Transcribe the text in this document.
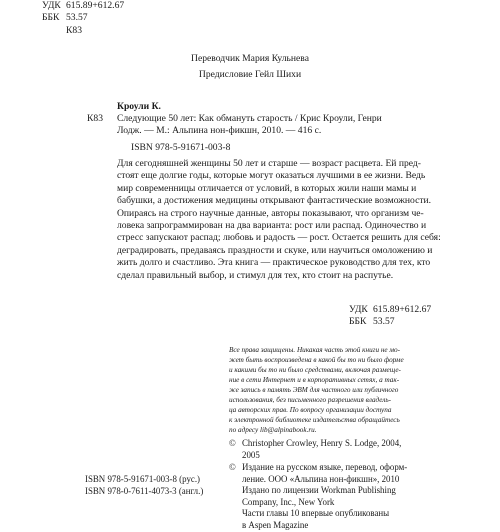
УДК 615.89+612.67
ББК 53.57
К83
Переводчик Мария Кульнева
Предисловие Гейл Шихи
Кроули К.
К83 Следующие 50 лет: Как обмануть старость / Крис Кроули, Генри
Лодж. — М.: Альпина нон-фикшн, 2010. — 416 с.
ISBN 978-5-91671-003-8
Для сегодняшней женщины 50 лет и старше — возраст расцвета. Ей пред-
стоят еще долгие годы, которые могут оказаться лучшими в ее жизни. Ведь
мир современницы отличается от условий, в которых жили наши мамы и
бабушки, а достижения медицины открывают фантастические возможности.
Опираясь на строго научные данные, авторы показывают, что организм че-
ловека запрограммирован на два варианта: рост или распад. Одиночество и
стресс запускают распад; любовь и радость — рост. Остается решить для себя:
деградировать, предаваясь праздности и скуке, или научиться омоложению и
жить долго и счастливо. Эта книга — практическое руководство для тех, кто
сделал правильный выбор, и стимул для тех, кто стоит на распутье.
УДК 615.89+612.67
ББК 53.57
Все права защищены. Никакая часть этой книги не мо-
жет быть воспроизведена в какой бы то ни было форме
и какими бы то ни было средствами, включая размеще-
ние в сети Интернет и в корпоративных сетях, а так-
же запись в память ЭВМ для частного или публичного
использования, без письменного разрешения владель-
ца авторских прав. По вопросу организации доступа
к электронной библиотеке издательства обращайтесь
по адресу lib@alpinabook.ru.
© Christopher Crowley, Henry S. Lodge, 2004,
2005
© Издание на русском языке, перевод, оформ-
ление. ООО «Альпина нон-фикшн», 2010
Издано по лицензии Workman Publishing
Company, Inc., New York
Части главы 10 впервые опубликованы
в Aspen Magazine
ISBN 978-5-91671-003-8 (рус.)
ISBN 978-0-7611-4073-3 (англ.)
